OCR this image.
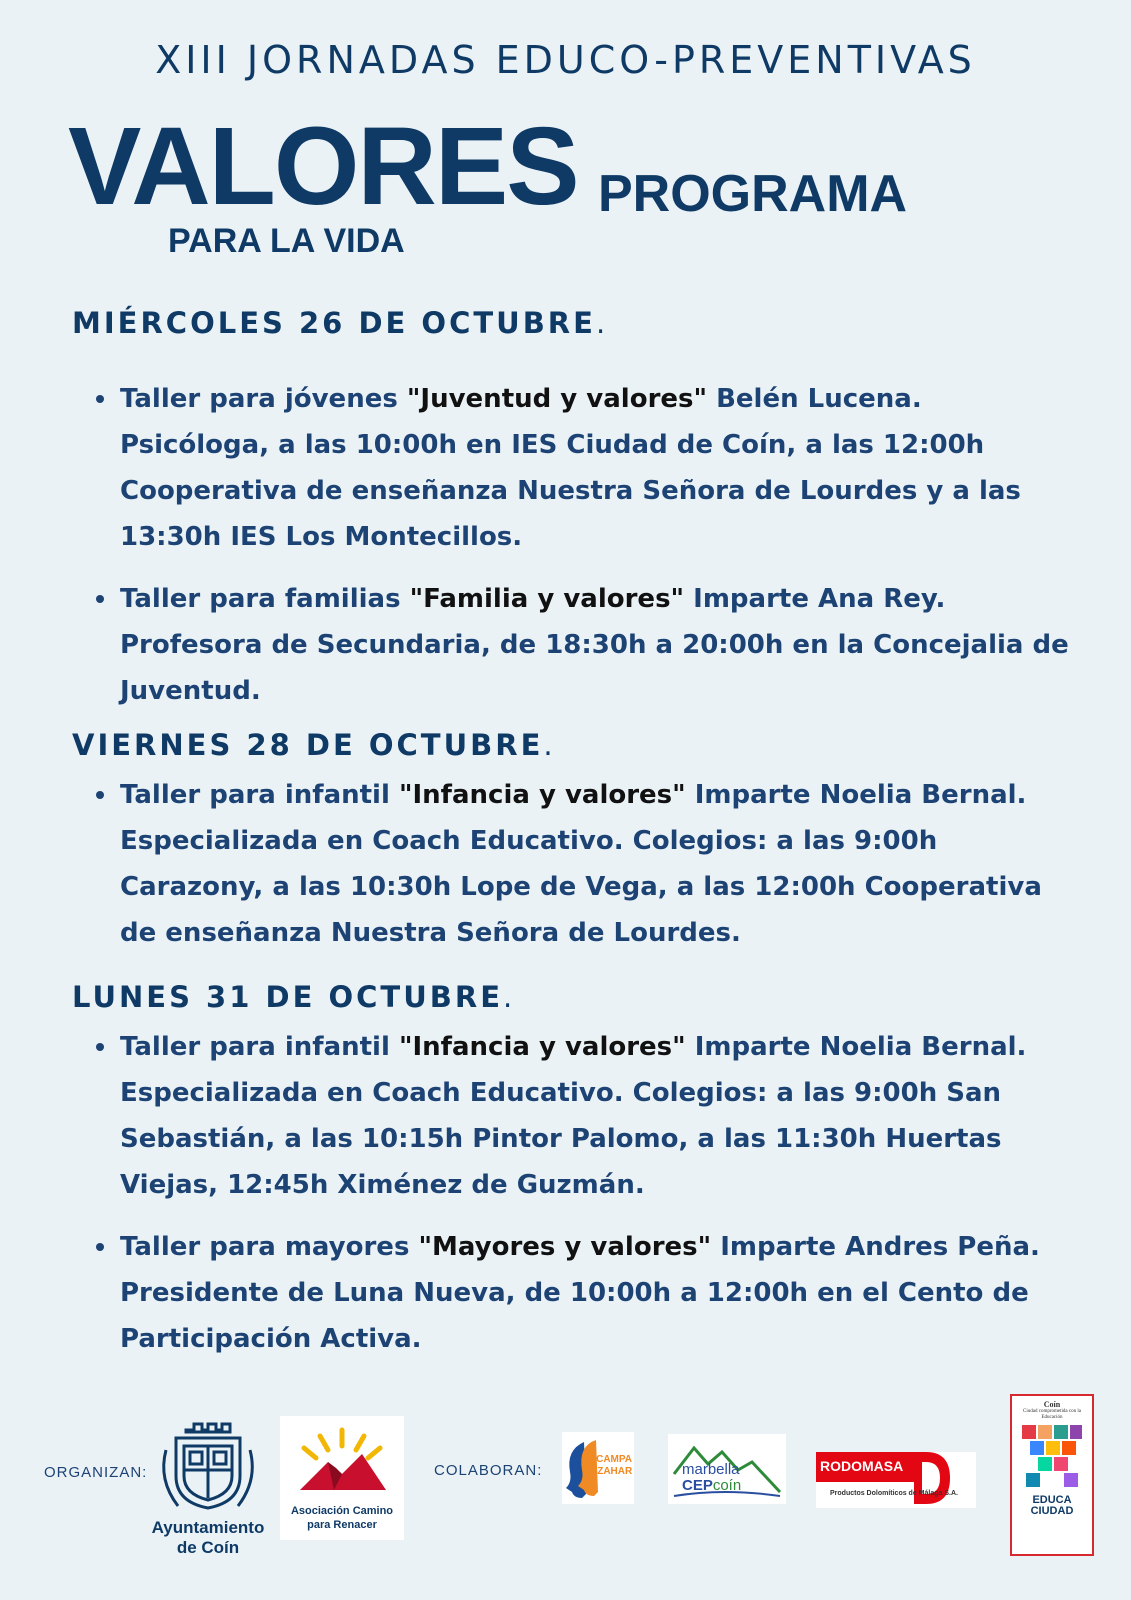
XIII JORNADAS EDUCO-PREVENTIVAS
VALORES
PARA LA VIDA
PROGRAMA
MIÉRCOLES 26 DE OCTUBRE.
Taller para jóvenes "Juventud y valores" Belén Lucena. Psicóloga, a las 10:00h en IES Ciudad de Coín, a las 12:00h Cooperativa de enseñanza Nuestra Señora de Lourdes y a las 13:30h IES Los Montecillos.
Taller para familias "Familia y valores" Imparte Ana Rey. Profesora de Secundaria, de 18:30h a 20:00h en la Concejalia de Juventud.
VIERNES 28 DE OCTUBRE.
Taller para infantil "Infancia y valores" Imparte Noelia Bernal. Especializada en Coach Educativo. Colegios: a las 9:00h Carazony, a las 10:30h Lope de Vega, a las 12:00h Cooperativa de enseñanza Nuestra Señora de Lourdes.
LUNES 31 DE OCTUBRE.
Taller para infantil "Infancia y valores" Imparte Noelia Bernal. Especializada en Coach Educativo. Colegios: a las 9:00h San Sebastián, a las 10:15h Pintor Palomo, a las 11:30h Huertas Viejas, 12:45h Ximénez de Guzmán.
Taller para mayores "Mayores y valores" Imparte Andres Peña. Presidente de Luna Nueva, de 10:00h a 12:00h en el Cento de Participación Activa.
ORGANIZAN:
Ayuntamiento
de Coín
Asociación Camino
para Renacer
COLABORAN:
FCAMPA
AZAHAR	marbella
CEPcoín
RODOMASA
Productos Dolomíticos de Málaga S.A.
Coín
Ciudad comprometida con la Educación
EDUCA
CIUDAD
